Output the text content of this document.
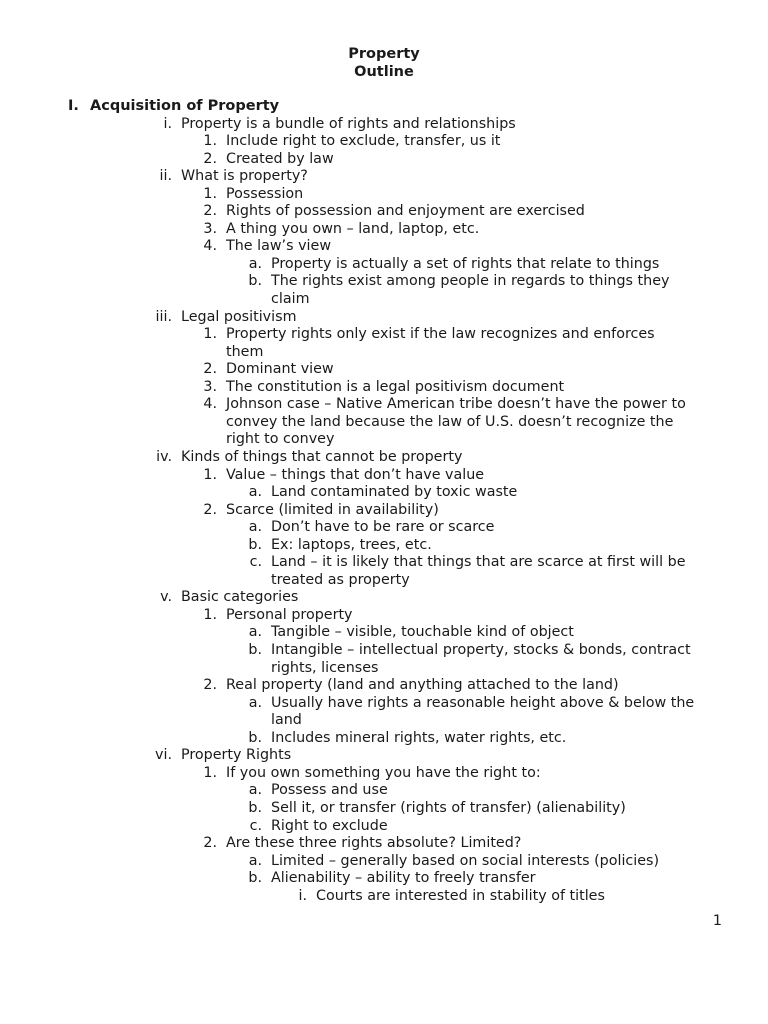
Property
Outline
I. Acquisition of Property
i. Property is a bundle of rights and relationships
1. Include right to exclude, transfer, us it
2. Created by law
ii. What is property?
1. Possession
2. Rights of possession and enjoyment are exercised
3. A thing you own – land, laptop, etc.
4. The law’s view
a. Property is actually a set of rights that relate to things
b. The rights exist among people in regards to things they
claim
iii. Legal positivism
1. Property rights only exist if the law recognizes and enforces
them
2. Dominant view
3. The constitution is a legal positivism document
4. Johnson case – Native American tribe doesn’t have the power to
convey the land because the law of U.S. doesn’t recognize the
right to convey
iv. Kinds of things that cannot be property
1. Value – things that don’t have value
a. Land contaminated by toxic waste
2. Scarce (limited in availability)
a. Don’t have to be rare or scarce
b. Ex: laptops, trees, etc.
c. Land – it is likely that things that are scarce at first will be
treated as property
v. Basic categories
1. Personal property
a. Tangible – visible, touchable kind of object
b. Intangible – intellectual property, stocks & bonds, contract
rights, licenses
2. Real property (land and anything attached to the land)
a. Usually have rights a reasonable height above & below the
land
b. Includes mineral rights, water rights, etc.
vi. Property Rights
1. If you own something you have the right to:
a. Possess and use
b. Sell it, or transfer (rights of transfer) (alienability)
c. Right to exclude
2. Are these three rights absolute? Limited?
a. Limited – generally based on social interests (policies)
b. Alienability – ability to freely transfer
i. Courts are interested in stability of titles
1
